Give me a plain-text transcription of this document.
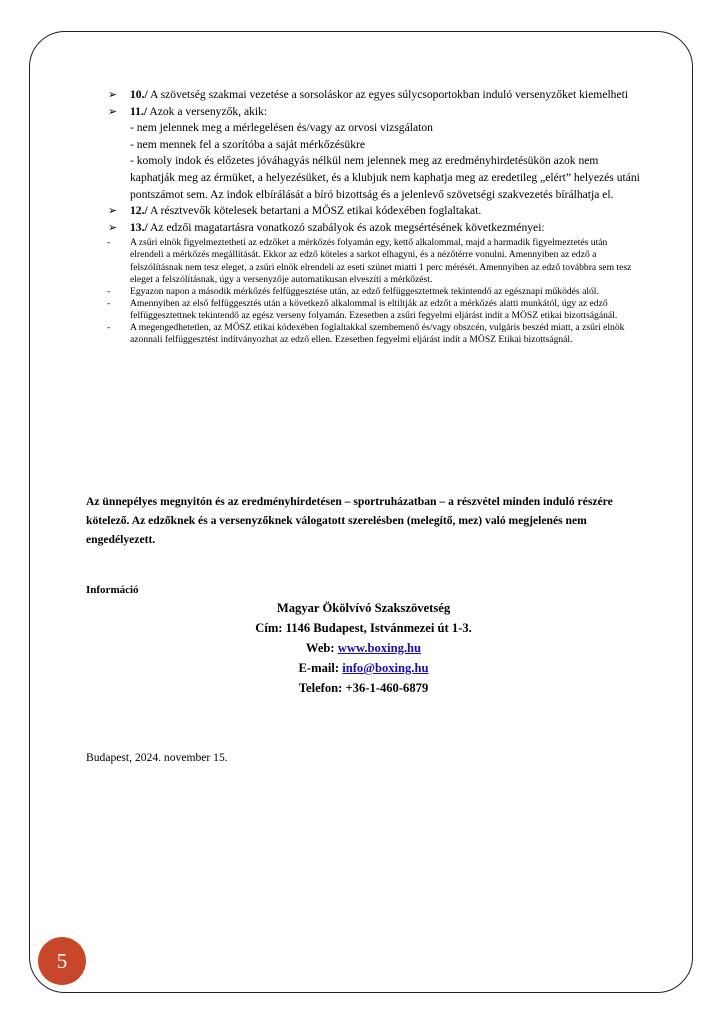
➢ 10./ A szövetség szakmai vezetése a sorsoláskor az egyes súlycsoportokban induló versenyzőket kiemelheti
➢ 11./ Azok a versenyzők, akik:
- nem jelennek meg a mérlegelésen és/vagy az orvosi vizsgálaton
- nem mennek fel a szorítóba a saját mérkőzésükre
- komoly indok és előzetes jóváhagyás nélkül nem jelennek meg az eredményhirdetésükön azok nem kaphatják meg az érmüket, a helyezésüket, és a klubjuk nem kaphatja meg az eredetileg „elért” helyezés utáni pontszámot sem. Az indok elbírálását a bíró bizottság és a jelenlevő szövetségi szakvezetés bírálhatja el.
➢ 12./ A résztvevők kötelesek betartani a MÖSZ etikai kódexében foglaltakat.
➢ 13./ Az edzői magatartásra vonatkozó szabályok és azok megsértésének következményei:
- A zsűri elnök figyelmeztetheti az edzőket a mérkőzés folyamán egy, kettő alkalommal, majd a harmadik figyelmeztetés után elrendeli a mérkőzés megállítását. Ekkor az edző köteles a sarkot elhagyni, és a nézőtérre vonulni. Amennyiben az edző a felszólításnak nem tesz eleget, a zsűri elnök elrendeli az eseti szünet miatti 1 perc mérését. Amennyiben az edző továbbra sem tesz eleget a felszólításnak, úgy a versenyzője automatikusan elveszíti a mérkőzést.
- Egyazon napon a második mérkőzés felfüggesztése után, az edző felfüggesztettnek tekintendő az egésznapi működés alól.
- Amennyiben az első felfüggesztés után a következő alkalommal is eltiltják az edzőt a mérkőzés alatti munkától, úgy az edző felfüggesztettnek tekintendő az egész verseny folyamán. Ezesetben a zsűri fegyelmi eljárást indít a MÖSZ etikai bizottságánál.
- A megengedhetetlen, az MÖSZ etikai kódexében foglaltakkal szembemenő és/vagy obszcén, vulgáris beszéd miatt, a zsűri elnök azonnali felfüggesztést indítványozhat az edző ellen. Ezesetben fegyelmi eljárást indít a MÖSZ Etikai bizottságnál.
Az ünnepélyes megnyitón és az eredményhirdetésen – sportruházatban – a részvétel minden induló részére kötelező. Az edzőknek és a versenyzőknek válogatott szerelésben (melegítő, mez) való megjelenés nem engedélyezett.
Információ
Magyar Ökölvívó Szakszövetség
Cím: 1146 Budapest, Istvánmezei út 1-3.
Web: www.boxing.hu
E-mail: info@boxing.hu
Telefon: +36-1-460-6879
Budapest, 2024. november 15.
5
